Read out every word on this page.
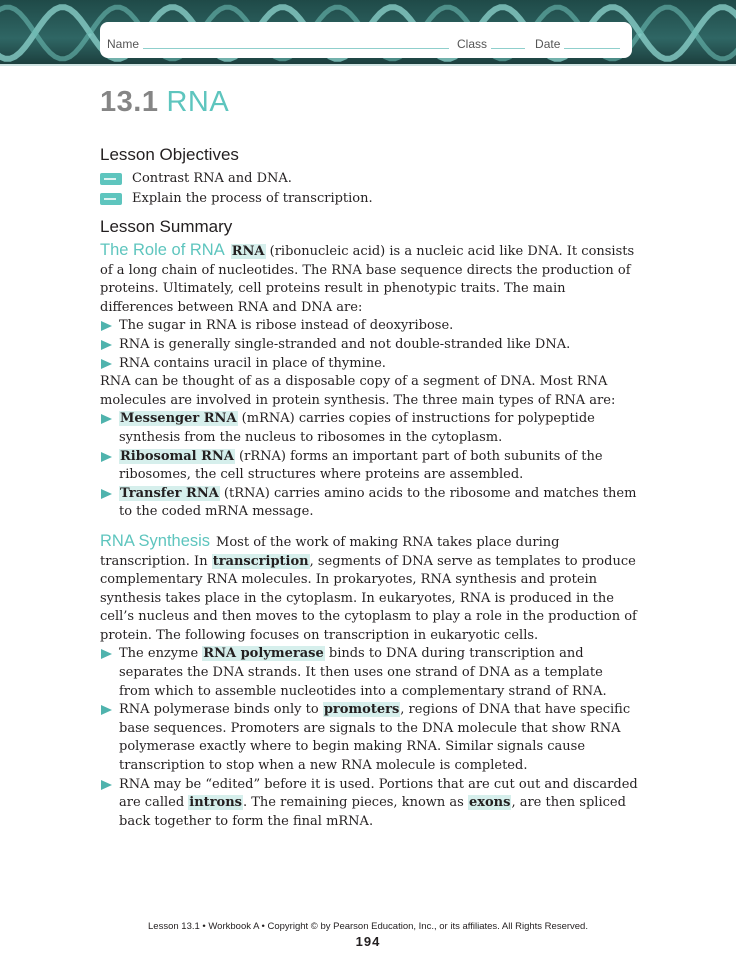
Name	Class	Date
13.1 RNA
Lesson Objectives
Contrast RNA and DNA.
Explain the process of transcription.
Lesson Summary

The Role of RNA RNA (ribonucleic acid) is a nucleic acid like DNA. It consists of a long chain of nucleotides. The RNA base sequence directs the production of proteins. Ultimately, cell proteins result in phenotypic traits. The main differences between RNA and DNA are:

The sugar in RNA is ribose instead of deoxyribose.

RNA is generally single-stranded and not double-stranded like DNA.

RNA contains uracil in place of thymine.

RNA can be thought of as a disposable copy of a segment of DNA. Most RNA molecules are involved in protein synthesis. The three main types of RNA are:

Messenger RNA (mRNA) carries copies of instructions for polypeptide synthesis from the nucleus to ribosomes in the cytoplasm.

Ribosomal RNA (rRNA) forms an important part of both subunits of the ribosomes, the cell structures where proteins are assembled.

Transfer RNA (tRNA) carries amino acids to the ribosome and matches them to the coded mRNA message.

RNA Synthesis Most of the work of making RNA takes place during transcription. In transcription, segments of DNA serve as templates to produce complementary RNA molecules. In prokaryotes, RNA synthesis and protein synthesis takes place in the cytoplasm. In eukaryotes, RNA is produced in the cell’s nucleus and then moves to the cytoplasm to play a role in the production of protein. The following focuses on transcription in eukaryotic cells.

The enzyme RNA polymerase binds to DNA during transcription and separates the DNA strands. It then uses one strand of DNA as a template from which to assemble nucleotides into a complementary strand of RNA.

RNA polymerase binds only to promoters, regions of DNA that have specific base sequences. Promoters are signals to the DNA molecule that show RNA polymerase exactly where to begin making RNA. Similar signals cause transcription to stop when a new RNA molecule is completed.

RNA may be “edited” before it is used. Portions that are cut out and discarded are called introns. The remaining pieces, known as exons, are then spliced back together to form the final mRNA.

Lesson 13.1 • Workbook A • Copyright © by Pearson Education, Inc., or its affiliates. All Rights Reserved.
194
